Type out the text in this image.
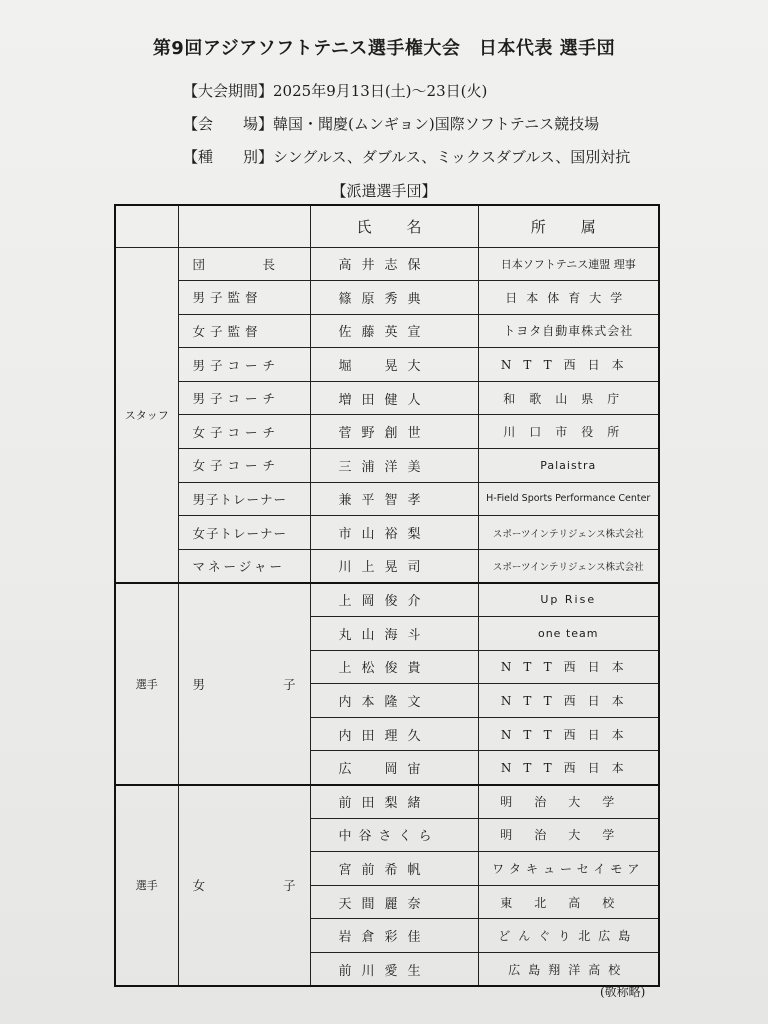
第9回アジアソフトテニス選手権大会　日本代表 選手団
【大会期間】2025年9月13日(土)～23日(火)
【会　　場】韓国・聞慶(ムンギョン)国際ソフトテニス競技場
【種　　別】シングルス、ダブルス、ミックスダブルス、国別対抗
【派遣選手団】
		氏　名	所　属
スタッフ	団　　　長	高井志保	日本ソフトテニス連盟 理事
	男子監督	篠原秀典	日本体育大学
	女子監督	佐藤英宣	トヨタ自動車株式会社
	男子コーチ	堀　晃大	NTT西日本
	男子コーチ	増田健人	和歌山県庁
	女子コーチ	菅野創世	川口市役所
	女子コーチ	三浦洋美	Palaistra
	男子トレーナー	兼平智孝	H-Field Sports Performance Center
	女子トレーナー	市山裕梨	スポーツインテリジェンス株式会社
	マネージャー	川上晃司	スポーツインテリジェンス株式会社
選手	男 子	上岡俊介	Up Rise
		丸山海斗	one team
		上松俊貴	NTT西日本
		内本隆文	NTT西日本
		内田理久	NTT西日本
		広　岡宙	NTT西日本
選手	女 子	前田梨緒	明治大学
		中谷さくら	明治大学
		宮前希帆	ワタキューセイモア
		天間麗奈	東北高校
		岩倉彩佳	どんぐり北広島
		前川愛生	広島翔洋高校
(敬称略)
